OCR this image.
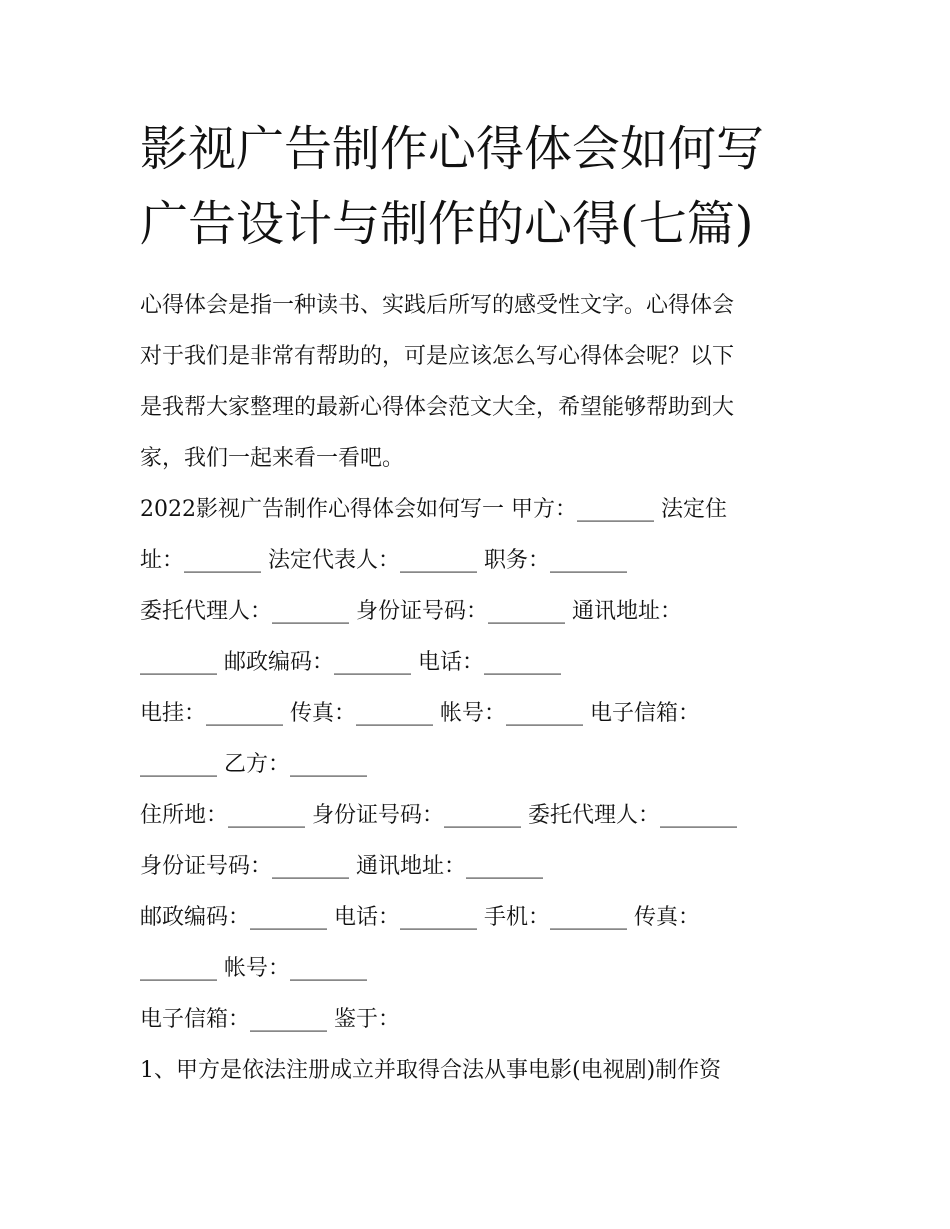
影视广告制作心得体会如何写
广告设计与制作的心得(七篇)

心得体会是指一种读书、实践后所写的感受性文字。心得体会
对于我们是非常有帮助的，可是应该怎么写心得体会呢？以下
是我帮大家整理的最新心得体会范文大全，希望能够帮助到大
家，我们一起来看一看吧。

2022影视广告制作心得体会如何写一 甲方：_______ 法定住
址：_______ 法定代表人：_______ 职务：_______
委托代理人：_______ 身份证号码：_______ 通讯地址：
_______ 邮政编码：_______ 电话：_______
电挂：_______ 传真：_______ 帐号：_______ 电子信箱：
_______ 乙方：_______
住所地：_______ 身份证号码：_______ 委托代理人：_______
身份证号码：_______ 通讯地址：_______
邮政编码：_______ 电话：_______ 手机：_______ 传真：
_______ 帐号：_______
电子信箱：_______ 鉴于：
1、甲方是依法注册成立并取得合法从事电影(电视剧)制作资
